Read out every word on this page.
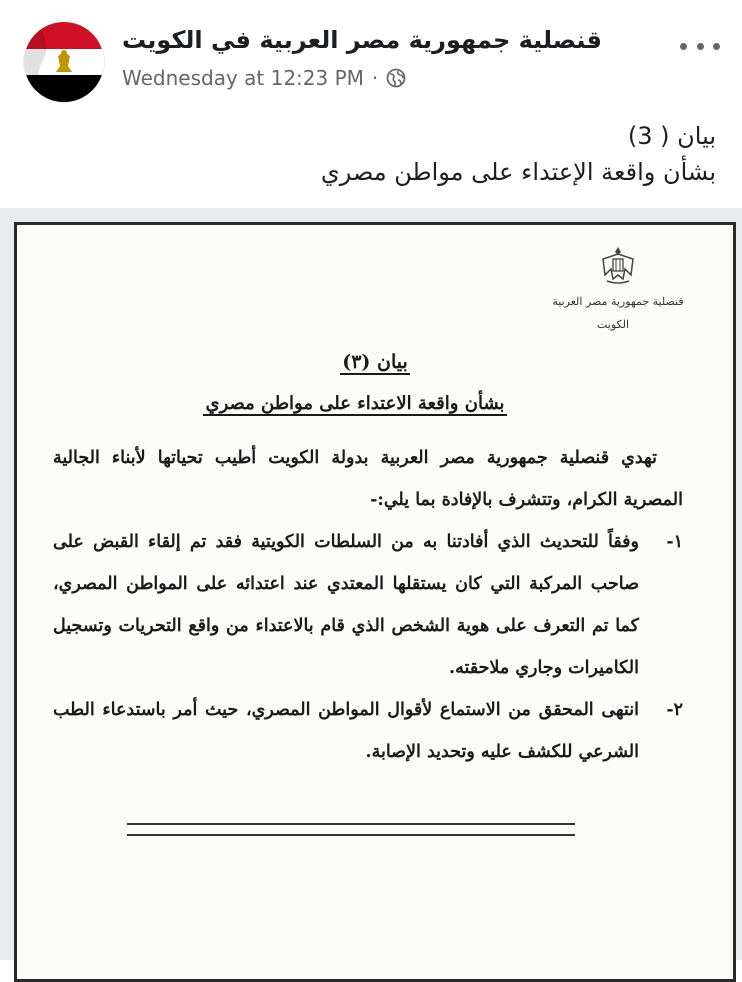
قنصلية جمهورية مصر العربية في الكويت
Wednesday at 12:23 PM ·
بيان ( 3)
بشأن واقعة الإعتداء على مواطن مصري
قنصلية جمهورية مصر العربية
الكويت
بيان (٣)
بشأن واقعة الاعتداء على مواطن مصري
تهدي قنصلية جمهورية مصر العربية بدولة الكويت أطيب تحياتها لأبناء الجالية المصرية الكرام، وتتشرف بالإفادة بما يلي:-
١-
وفقاً للتحديث الذي أفادتنا به من السلطات الكويتية فقد تم إلقاء القبض على صاحب المركبة التي كان يستقلها المعتدي عند اعتدائه على المواطن المصري، كما تم التعرف على هوية الشخص الذي قام بالاعتداء من واقع التحريات وتسجيل الكاميرات وجاري ملاحقته.
٢-
انتهى المحقق من الاستماع لأقوال المواطن المصري، حيث أمر باستدعاء الطب الشرعي للكشف عليه وتحديد الإصابة.
